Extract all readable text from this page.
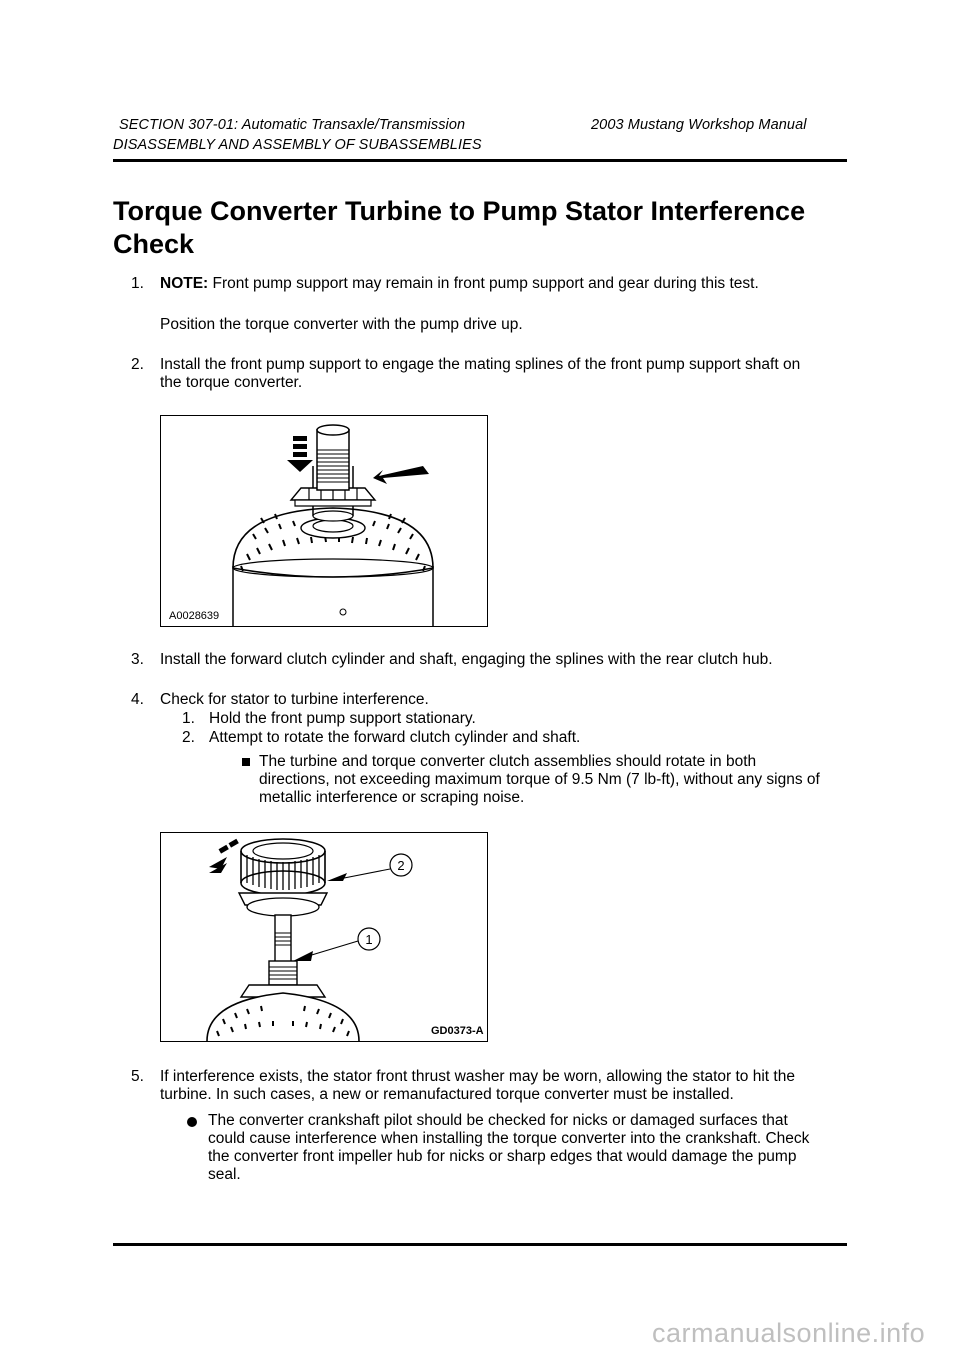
SECTION 307-01: Automatic Transaxle/Transmission	2003 Mustang Workshop Manual
DISASSEMBLY AND ASSEMBLY OF SUBASSEMBLIES
Torque Converter Turbine to Pump Stator Interference
Check
1. NOTE: Front pump support may remain in front pump support and gear during this test.
Position the torque converter with the pump drive up.
2. Install the front pump support to engage the mating splines of the front pump support shaft on
the torque converter.
A0028639
3. Install the forward clutch cylinder and shaft, engaging the splines with the rear clutch hub.
4. Check for stator to turbine interference.
1. Hold the front pump support stationary.
2. Attempt to rotate the forward clutch cylinder and shaft.
The turbine and torque converter clutch assemblies should rotate in both
directions, not exceeding maximum torque of 9.5 Nm (7 lb-ft), without any signs of
metallic interference or scraping noise.
2
1
GD0373-A
5. If interference exists, the stator front thrust washer may be worn, allowing the stator to hit the
turbine. In such cases, a new or remanufactured torque converter must be installed.
The converter crankshaft pilot should be checked for nicks or damaged surfaces that
could cause interference when installing the torque converter into the crankshaft. Check
the converter front impeller hub for nicks or sharp edges that would damage the pump
seal.
carmanualsonline.info
